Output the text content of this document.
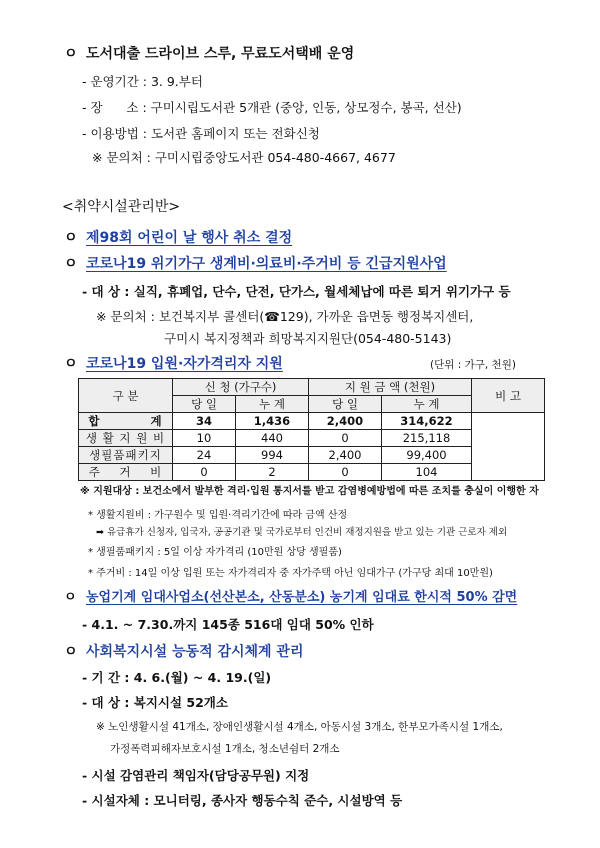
ㅇ 도서대출 드라이브 스루, 무료도서택배 운영
- 운영기간 : 3. 9.부터
- 장      소 : 구미시립도서관 5개관 (중앙, 인동, 상모정수, 봉곡, 선산)
- 이용방법 : 도서관 홈페이지 또는 전화신청
※ 문의처 : 구미시립중앙도서관 054-480-4667, 4677
<취약시설관리반>
ㅇ 제98회 어린이 날 행사 취소 결정
ㅇ 코로나19 위기가구 생계비·의료비·주거비 등 긴급지원사업
- 대 상 : 실직, 휴폐업, 단수, 단전, 단가스, 월세체납에 따른 퇴거 위기가구 등
※ 문의처 : 보건복지부 콜센터(☎129), 가까운 읍면동 행정복지센터,
구미시 복지정책과 희망복지지원단(054-480-5143)
ㅇ 코로나19 입원·자가격리자 지원	(단위 : 가구, 천원)
구 분	신 청 (가구수)		지 원 금 액 (천원)		비 고
	당 일	누 계	당 일	누 계	
합          계	34	1,436	2,400	314,622	
생 활 지 원 비	10	440	0	215,118	
생필품패키지	24	994	2,400	99,400	
주    거    비	0	2	0	104	
※ 지원대상 : 보건소에서 발부한 격리·입원 통지서를 받고 감염병예방법에 따른 조치를 충실이 이행한 자
* 생활지원비 : 가구원수 및 입원·격리기간에 따라 금액 산정
➡ 유급휴가 신청자, 입국자, 공공기관 및 국가로부터 인건비 재정지원을 받고 있는 기관 근로자 제외
* 생필품패키지 : 5일 이상 자가격리 (10만원 상당 생필품)
* 주거비 : 14일 이상 입원 또는 자가격리자 중 자가주택 아닌 임대가구 (가구당 최대 10만원)
ㅇ 농업기계 임대사업소(선산본소, 산동분소) 농기계 임대료 한시적 50% 감면
- 4.1. ~ 7.30.까지 145종 516대 임대 50% 인하
ㅇ 사회복지시설 능동적 감시체계 관리
- 기 간 : 4. 6.(월) ~ 4. 19.(일)
- 대 상 : 복지시설 52개소
※ 노인생활시설 41개소, 장애인생활시설 4개소, 아동시설 3개소, 한부모가족시설 1개소,
가정폭력피해자보호시설 1개소, 청소년쉼터 2개소
- 시설 감염관리 책임자(담당공무원) 지정
- 시설자체 : 모니터링, 종사자 행동수칙 준수, 시설방역 등
